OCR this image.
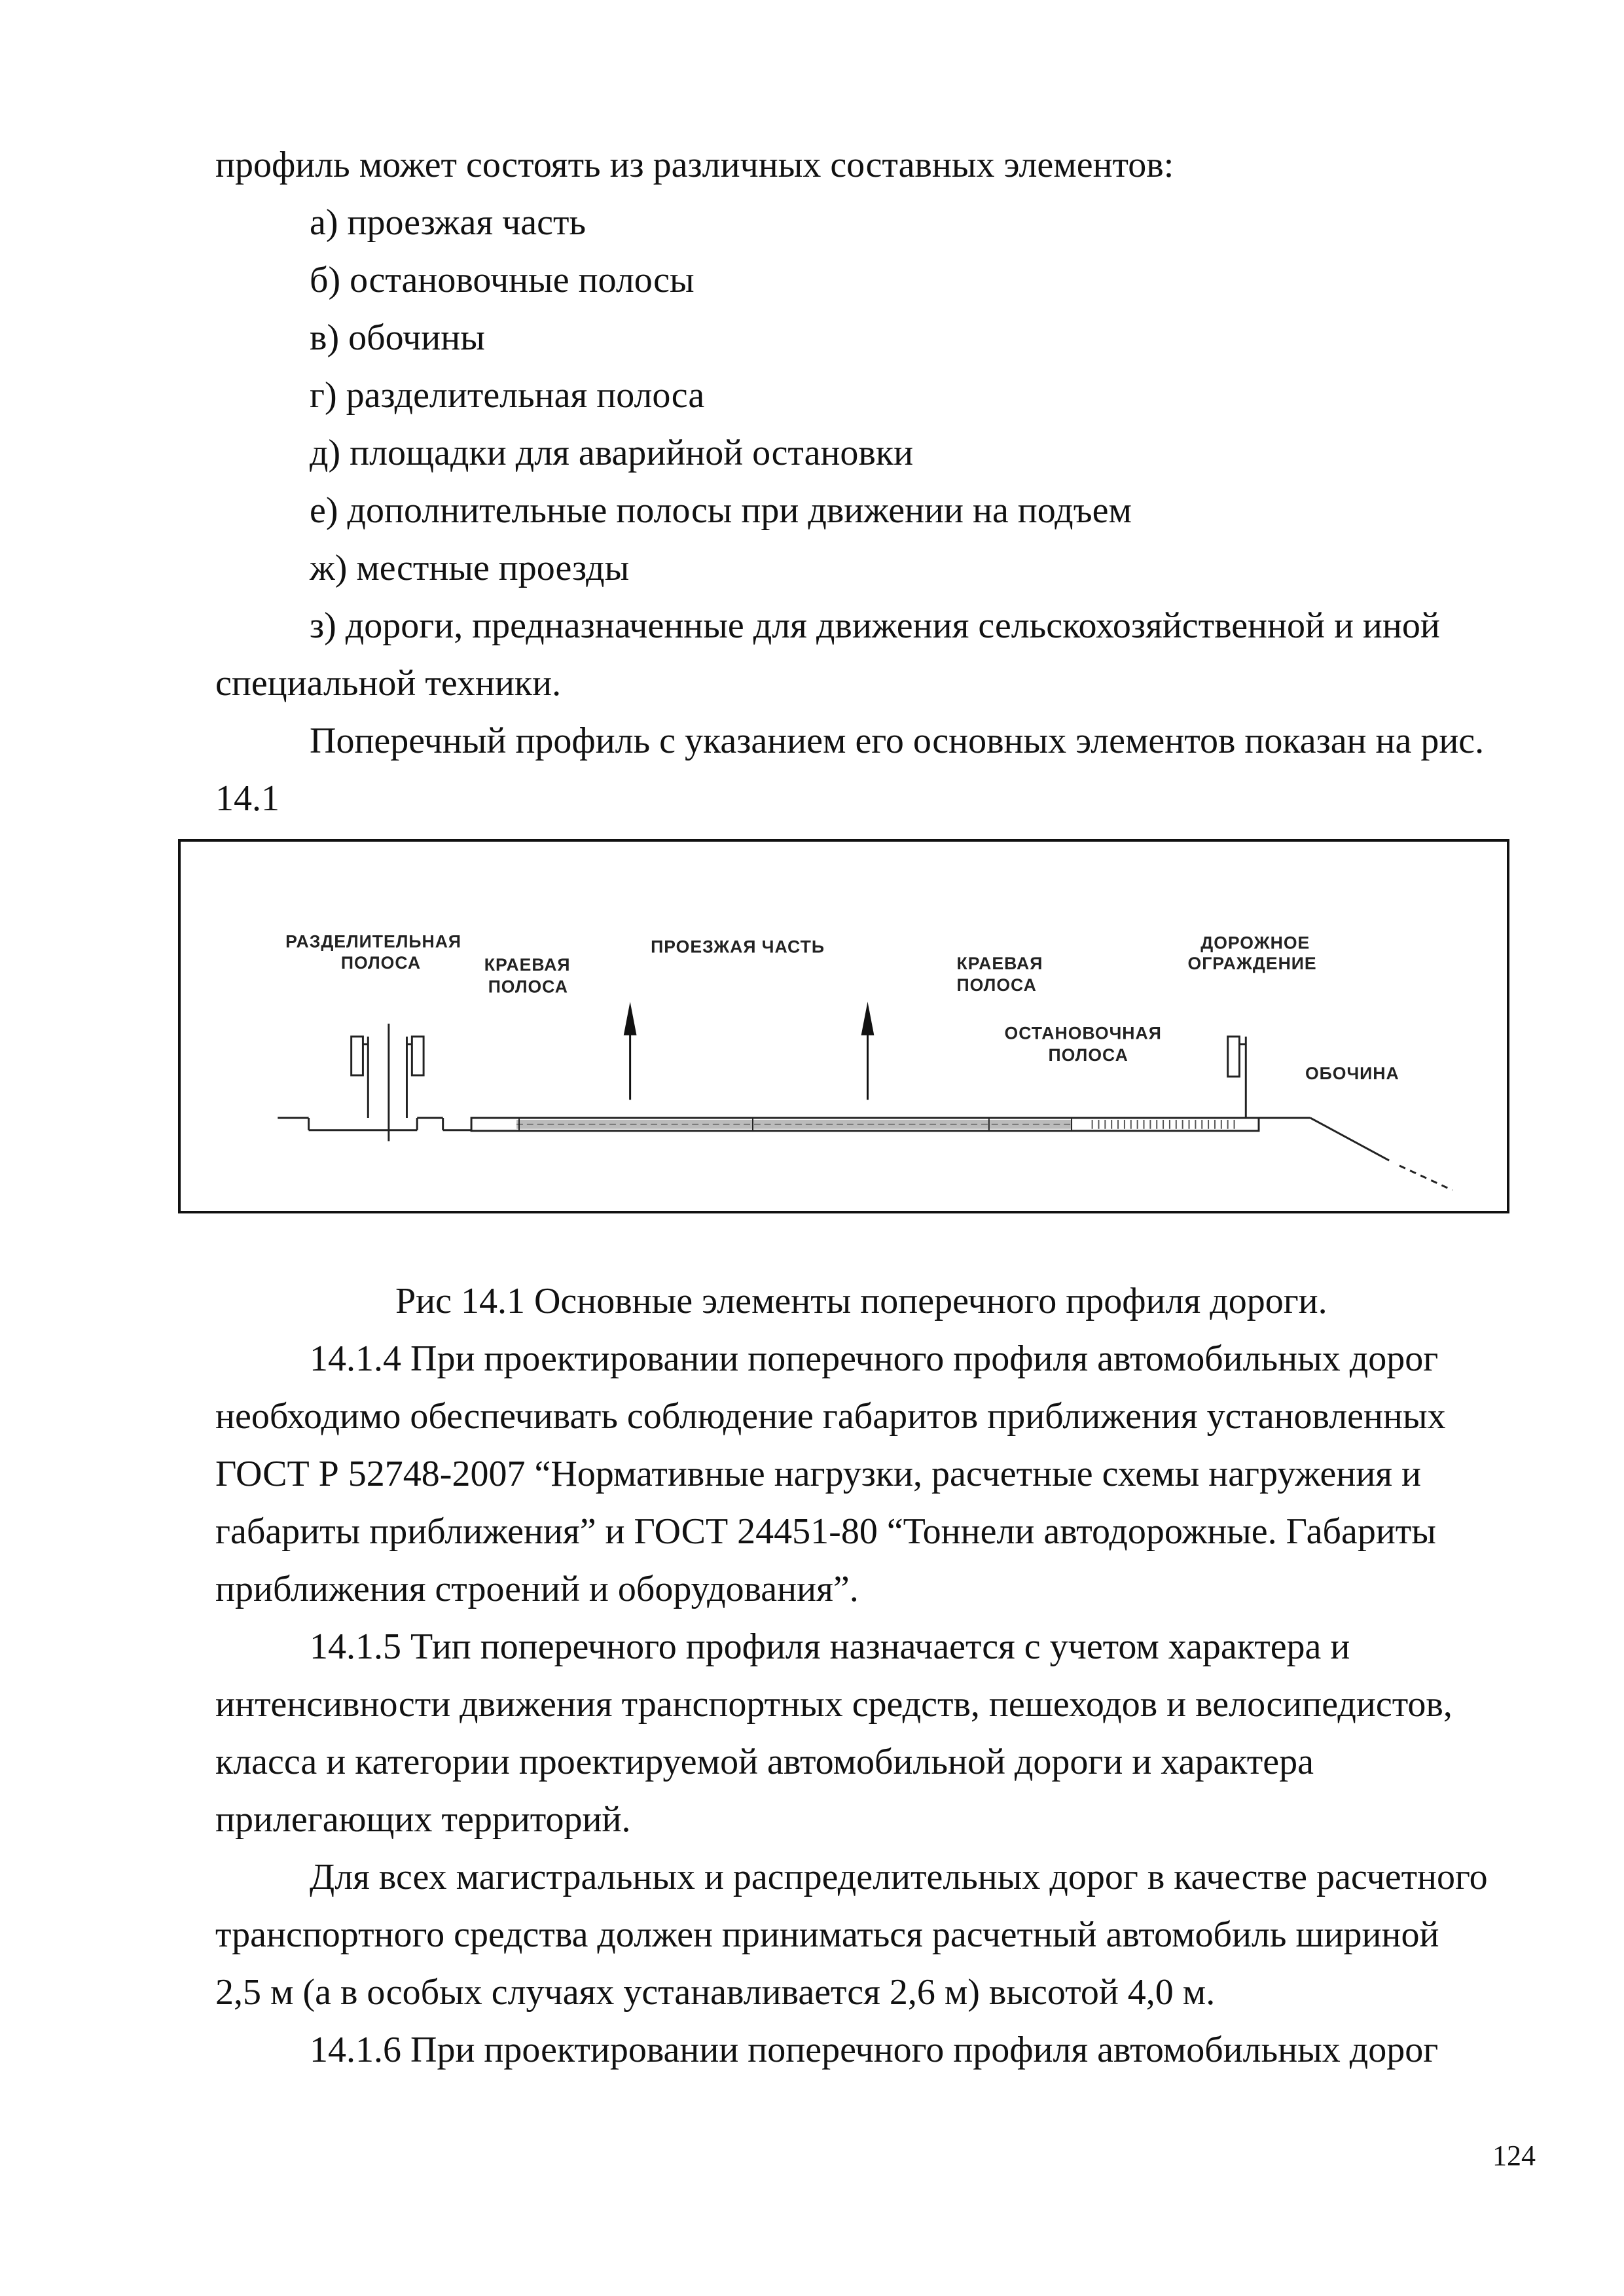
профиль может состоять из различных составных элементов:
а) проезжая часть
б) остановочные полосы
в) обочины
г) разделительная полоса
д) площадки для аварийной остановки
е) дополнительные полосы при движении на подъем
ж) местные проезды
з) дороги, предназначенные для движения сельскохозяйственной и иной
специальной техники.
Поперечный профиль с указанием его основных элементов показан на рис.
14.1
РАЗДЕЛИТЕЛЬНАЯ
ПОЛОСА	КРАЕВАЯ
ПОЛОСА
ПРОЕЗЖАЯ ЧАСТЬ
КРАЕВАЯ
ПОЛОСА
ОСТАНОВОЧНАЯ
ПОЛОСА
ДОРОЖНОЕ
ОГРАЖДЕНИЕ
ОБОЧИНА
Рис 14.1 Основные элементы поперечного профиля дороги.
14.1.4 При проектировании поперечного профиля автомобильных дорог
необходимо обеспечивать соблюдение габаритов приближения установленных
ГОСТ Р 52748-2007 “Нормативные нагрузки, расчетные схемы нагружения и
габариты приближения” и ГОСТ 24451-80 “Тоннели автодорожные. Габариты
приближения строений и оборудования”.
14.1.5 Тип поперечного профиля назначается с учетом характера и
интенсивности движения транспортных средств, пешеходов и велосипедистов,
класса и категории проектируемой автомобильной дороги и характера
прилегающих территорий.
Для всех магистральных и распределительных дорог в качестве расчетного
транспортного средства должен приниматься расчетный автомобиль шириной
2,5 м (а в особых случаях устанавливается 2,6 м) высотой 4,0 м.
14.1.6 При проектировании поперечного профиля автомобильных дорог
124
